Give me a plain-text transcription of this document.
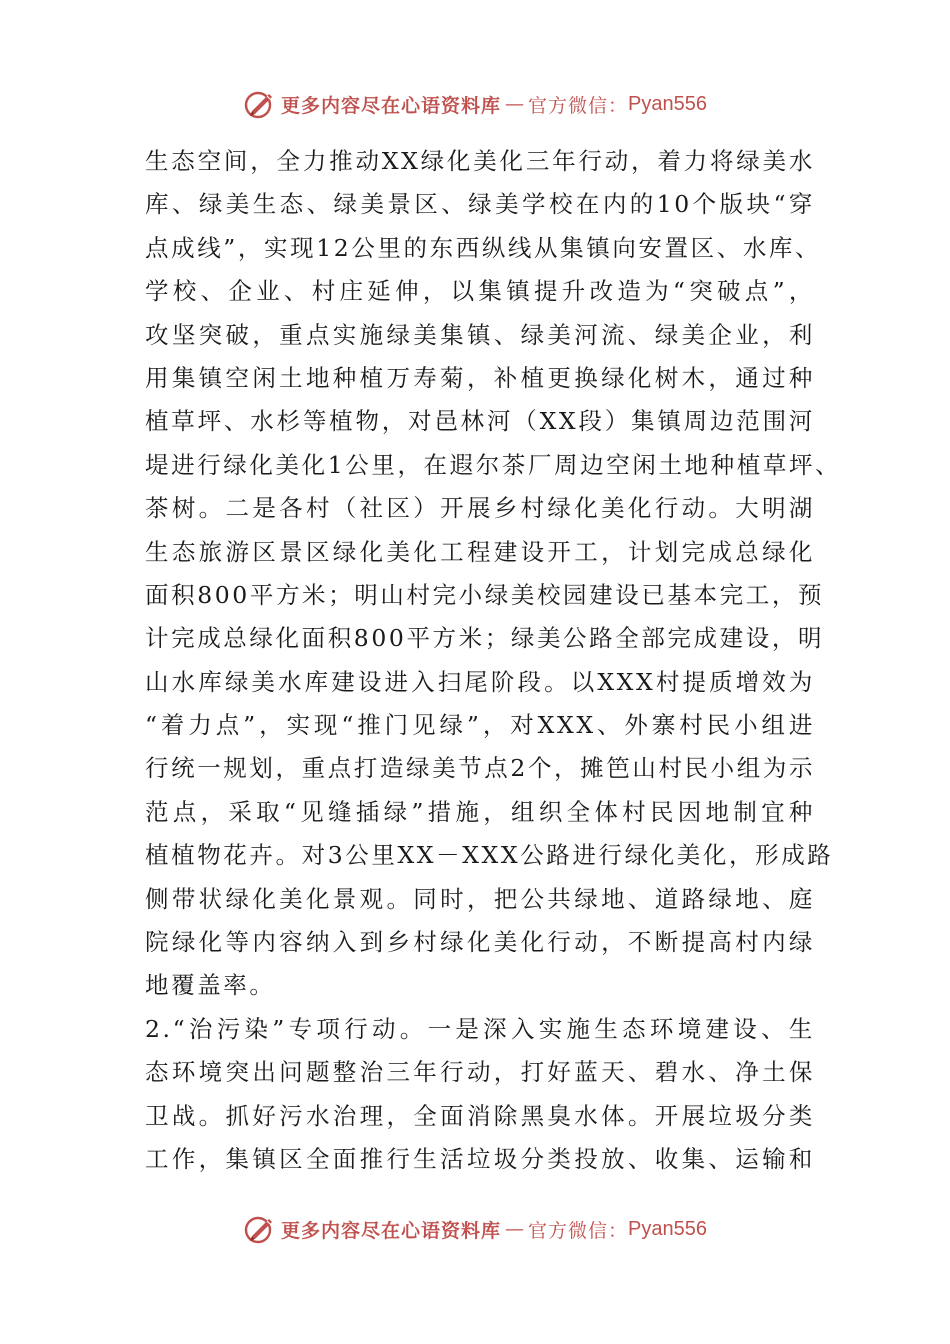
更多内容尽在心语资料库 — 官方微信： Pyan556
生态空间，全力推动XX绿化美化三年行动，着力将绿美水
库、绿美生态、绿美景区、绿美学校在内的10个版块“穿
点成线”，实现12公里的东西纵线从集镇向安置区、水库、
学校、企业、村庄延伸，以集镇提升改造为“突破点”，
攻坚突破，重点实施绿美集镇、绿美河流、绿美企业，利
用集镇空闲土地种植万寿菊，补植更换绿化树木，通过种
植草坪、水杉等植物，对邑林河（XX段）集镇周边范围河
堤进行绿化美化1公里，在遐尔茶厂周边空闲土地种植草坪、
茶树。二是各村（社区）开展乡村绿化美化行动。大明湖
生态旅游区景区绿化美化工程建设开工，计划完成总绿化
面积800平方米；明山村完小绿美校园建设已基本完工，预
计完成总绿化面积800平方米；绿美公路全部完成建设，明
山水库绿美水库建设进入扫尾阶段。以XXX村提质增效为
“着力点”，实现“推门见绿”，对XXX、外寨村民小组进
行统一规划，重点打造绿美节点2个，摊笆山村民小组为示
范点，采取“见缝插绿”措施，组织全体村民因地制宜种
植植物花卉。对3公里XX－XXX公路进行绿化美化，形成路
侧带状绿化美化景观。同时，把公共绿地、道路绿地、庭
院绿化等内容纳入到乡村绿化美化行动，不断提高村内绿
地覆盖率。
2.“治污染”专项行动。一是深入实施生态环境建设、生
态环境突出问题整治三年行动，打好蓝天、碧水、净土保
卫战。抓好污水治理，全面消除黑臭水体。开展垃圾分类
工作，集镇区全面推行生活垃圾分类投放、收集、运输和
更多内容尽在心语资料库 — 官方微信： Pyan556
